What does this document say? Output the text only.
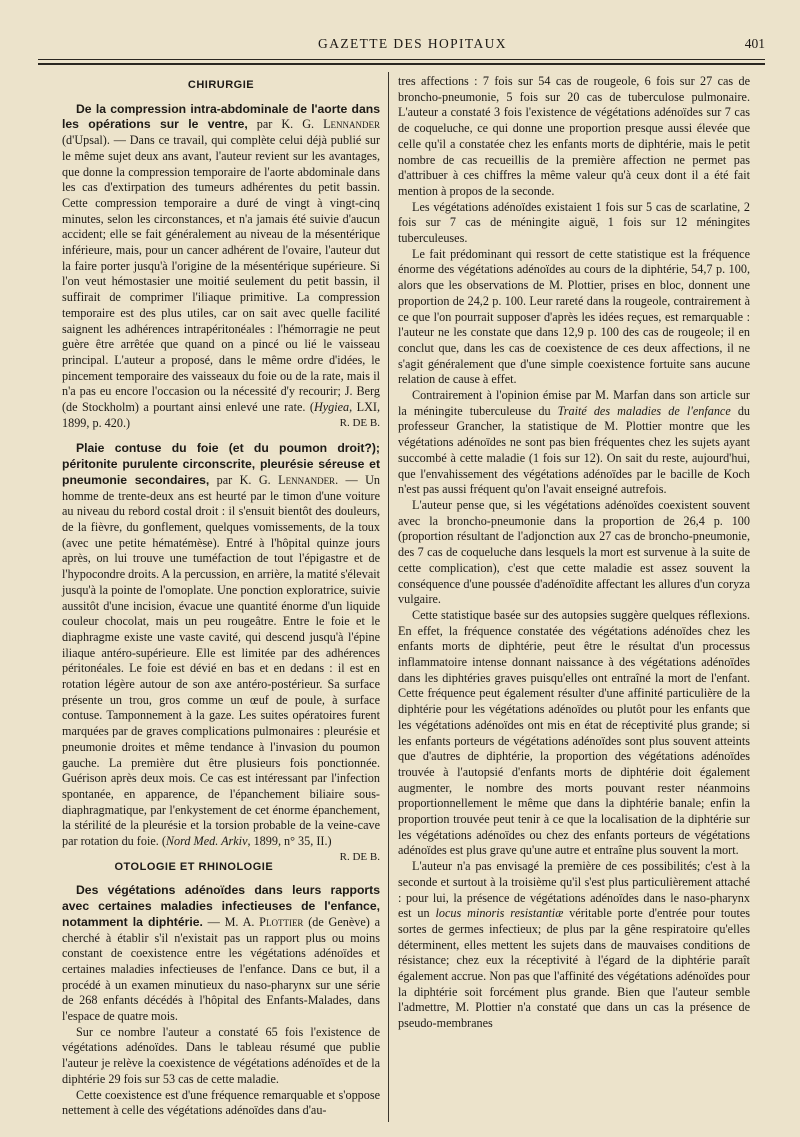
GAZETTE DES HOPITAUX	401
CHIRURGIE

De la compression intra-abdominale de l'aorte dans les opérations sur le ventre, par K. G. Lennander (d'Upsal). — Dans ce travail, qui complète celui déjà publié sur le même sujet deux ans avant, l'auteur revient sur les avantages, que donne la compression temporaire de l'aorte abdominale dans les cas d'extirpation des tumeurs adhérentes du petit bassin. Cette compression temporaire a duré de vingt à vingt-cinq minutes, selon les circonstances, et n'a jamais été suivie d'aucun accident; elle se fait généralement au niveau de la mésentérique inférieure, mais, pour un cancer adhérent de l'ovaire, l'auteur dut la faire porter jusqu'à l'origine de la mésentérique supérieure. Si l'on veut hémostasier une moitié seulement du petit bassin, il suffirait de comprimer l'iliaque primitive. La compression temporaire est des plus utiles, car on sait avec quelle facilité saignent les adhérences intrapéritonéales : l'hémorragie ne peut guère être arrêtée que quand on a pincé ou lié le vaisseau principal. L'auteur a proposé, dans le même ordre d'idées, le pincement temporaire des vaisseaux du foie ou de la rate, mais il n'a pas eu encore l'occasion ou la nécessité d'y recourir; J. Berg (de Stockholm) a pourtant ainsi enlevé une rate. (Hygiea, LXI, 1899, p. 420.)	R. DE B.

Plaie contuse du foie (et du poumon droit?); péritonite purulente circonscrite, pleurésie séreuse et pneumonie secondaires, par K. G. Lennander. — Un homme de trente-deux ans est heurté par le timon d'une voiture au niveau du rebord costal droit : il s'ensuit bientôt des douleurs, de la fièvre, du gonflement, quelques vomissements, de la toux (avec une petite hématémèse). Entré à l'hôpital quinze jours après, on lui trouve une tuméfaction de tout l'épigastre et de l'hypocondre droits. A la percussion, en arrière, la matité s'élevait jusqu'à la pointe de l'omoplate. Une ponction exploratrice, suivie aussitôt d'une incision, évacue une quantité énorme d'un liquide couleur chocolat, mais un peu rougeâtre. Entre le foie et le diaphragme existe une vaste cavité, qui descend jusqu'à l'épine iliaque antéro-supérieure. Elle est limitée par des adhérences péritonéales. Le foie est dévié en bas et en dedans : il est en rotation légère autour de son axe antéro-postérieur. Sa surface présente un trou, gros comme un œuf de poule, à surface contuse. Tamponnement à la gaze. Les suites opératoires furent marquées par de graves complications pulmonaires : pleurésie et pneumonie droites et même tendance à l'invasion du poumon gauche. La première dut être plusieurs fois ponctionnée. Guérison après deux mois. Ce cas est intéressant par l'infection spontanée, en apparence, de l'épanchement biliaire sous-diaphragmatique, par l'enkystement de cet énorme épanchement, la stérilité de la pleurésie et la torsion probable de la veine-cave par rotation du foie. (Nord Med. Arkiv, 1899, n° 35, II.)
R. DE B.

OTOLOGIE ET RHINOLOGIE

Des végétations adénoïdes dans leurs rapports avec certaines maladies infectieuses de l'enfance, notamment la diphtérie. — M. A. Plottier (de Genève) a cherché à établir s'il n'existait pas un rapport plus ou moins constant de coexistence entre les végétations adénoïdes et certaines maladies infectieuses de l'enfance. Dans ce but, il a procédé à un examen minutieux du naso-pharynx sur une série de 268 enfants décédés à l'hôpital des Enfants-Malades, dans l'espace de quatre mois.

Sur ce nombre l'auteur a constaté 65 fois l'existence de végétations adénoïdes. Dans le tableau résumé que publie l'auteur je relève la coexistence de végétations adénoïdes et de la diphtérie 29 fois sur 53 cas de cette maladie.

Cette coexistence est d'une fréquence remarquable et s'oppose nettement à celle des végétations adénoïdes dans d'au-

tres affections : 7 fois sur 54 cas de rougeole, 6 fois sur 27 cas de broncho-pneumonie, 5 fois sur 20 cas de tuberculose pulmonaire. L'auteur a constaté 3 fois l'existence de végétations adénoïdes sur 7 cas de coqueluche, ce qui donne une proportion presque aussi élevée que celle qu'il a constatée chez les enfants morts de diphtérie, mais le petit nombre de cas recueillis de la première affection ne permet pas d'attribuer à ces chiffres la même valeur qu'à ceux dont il a été fait mention à propos de la seconde.

Les végétations adénoïdes existaient 1 fois sur 5 cas de scarlatine, 2 fois sur 7 cas de méningite aiguë, 1 fois sur 12 méningites tuberculeuses.

Le fait prédominant qui ressort de cette statistique est la fréquence énorme des végétations adénoïdes au cours de la diphtérie, 54,7 p. 100, alors que les observations de M. Plottier, prises en bloc, donnent une proportion de 24,2 p. 100. Leur rareté dans la rougeole, contrairement à ce que l'on pourrait supposer d'après les idées reçues, est remarquable : l'auteur ne les constate que dans 12,9 p. 100 des cas de rougeole; il en conclut que, dans les cas de coexistence de ces deux affections, il ne s'agit généralement que d'une simple coexistence fortuite sans aucune relation de cause à effet.

Contrairement à l'opinion émise par M. Marfan dans son article sur la méningite tuberculeuse du Traité des maladies de l'enfance du professeur Grancher, la statistique de M. Plottier montre que les végétations adénoïdes ne sont pas bien fréquentes chez les sujets ayant succombé à cette maladie (1 fois sur 12). On sait du reste, aujourd'hui, que l'envahissement des végétations adénoïdes par le bacille de Koch n'est pas aussi fréquent qu'on l'avait enseigné autrefois.

L'auteur pense que, si les végétations adénoïdes coexistent souvent avec la broncho-pneumonie dans la proportion de 26,4 p. 100 (proportion résultant de l'adjonction aux 27 cas de broncho-pneumonie, des 7 cas de coqueluche dans lesquels la mort est survenue à la suite de cette complication), c'est que cette maladie est assez souvent la conséquence d'une poussée d'adénoïdite affectant les allures d'un coryza vulgaire.

Cette statistique basée sur des autopsies suggère quelques réflexions. En effet, la fréquence constatée des végétations adénoïdes chez les enfants morts de diphtérie, peut être le résultat d'un processus inflammatoire intense donnant naissance à des végétations adénoïdes dans les diphtéries graves puisqu'elles ont entraîné la mort de l'enfant. Cette fréquence peut également résulter d'une affinité particulière de la diphtérie pour les végétations adénoïdes ou plutôt pour les enfants que les végétations adénoïdes ont mis en état de réceptivité plus grande; si les enfants porteurs de végétations adénoïdes sont plus souvent atteints que d'autres de diphtérie, la proportion des végétations adénoïdes trouvée à l'autopsié d'enfants morts de diphtérie doit également augmenter, le nombre des morts pouvant rester néanmoins proportionnellement le même que dans la diphtérie banale; enfin la proportion trouvée peut tenir à ce que la localisation de la diphtérie sur les végétations adénoïdes ou chez des enfants porteurs de végétations adénoïdes est plus grave qu'une autre et entraîne plus souvent la mort.

L'auteur n'a pas envisagé la première de ces possibilités; c'est à la seconde et surtout à la troisième qu'il s'est plus particulièrement attaché : pour lui, la présence de végétations adénoïdes dans le naso-pharynx est un locus minoris resistantiæ véritable porte d'entrée pour toutes sortes de germes infectieux; de plus par la gêne respiratoire qu'elles déterminent, elles mettent les sujets dans de mauvaises conditions de résistance; chez eux la réceptivité à l'égard de la diphtérie paraît également accrue. Non pas que l'affinité des végétations adénoïdes pour la diphtérie soit forcément plus grande. Bien que l'auteur semble l'admettre, M. Plottier n'a constaté que dans un cas la présence de pseudo-membranes
